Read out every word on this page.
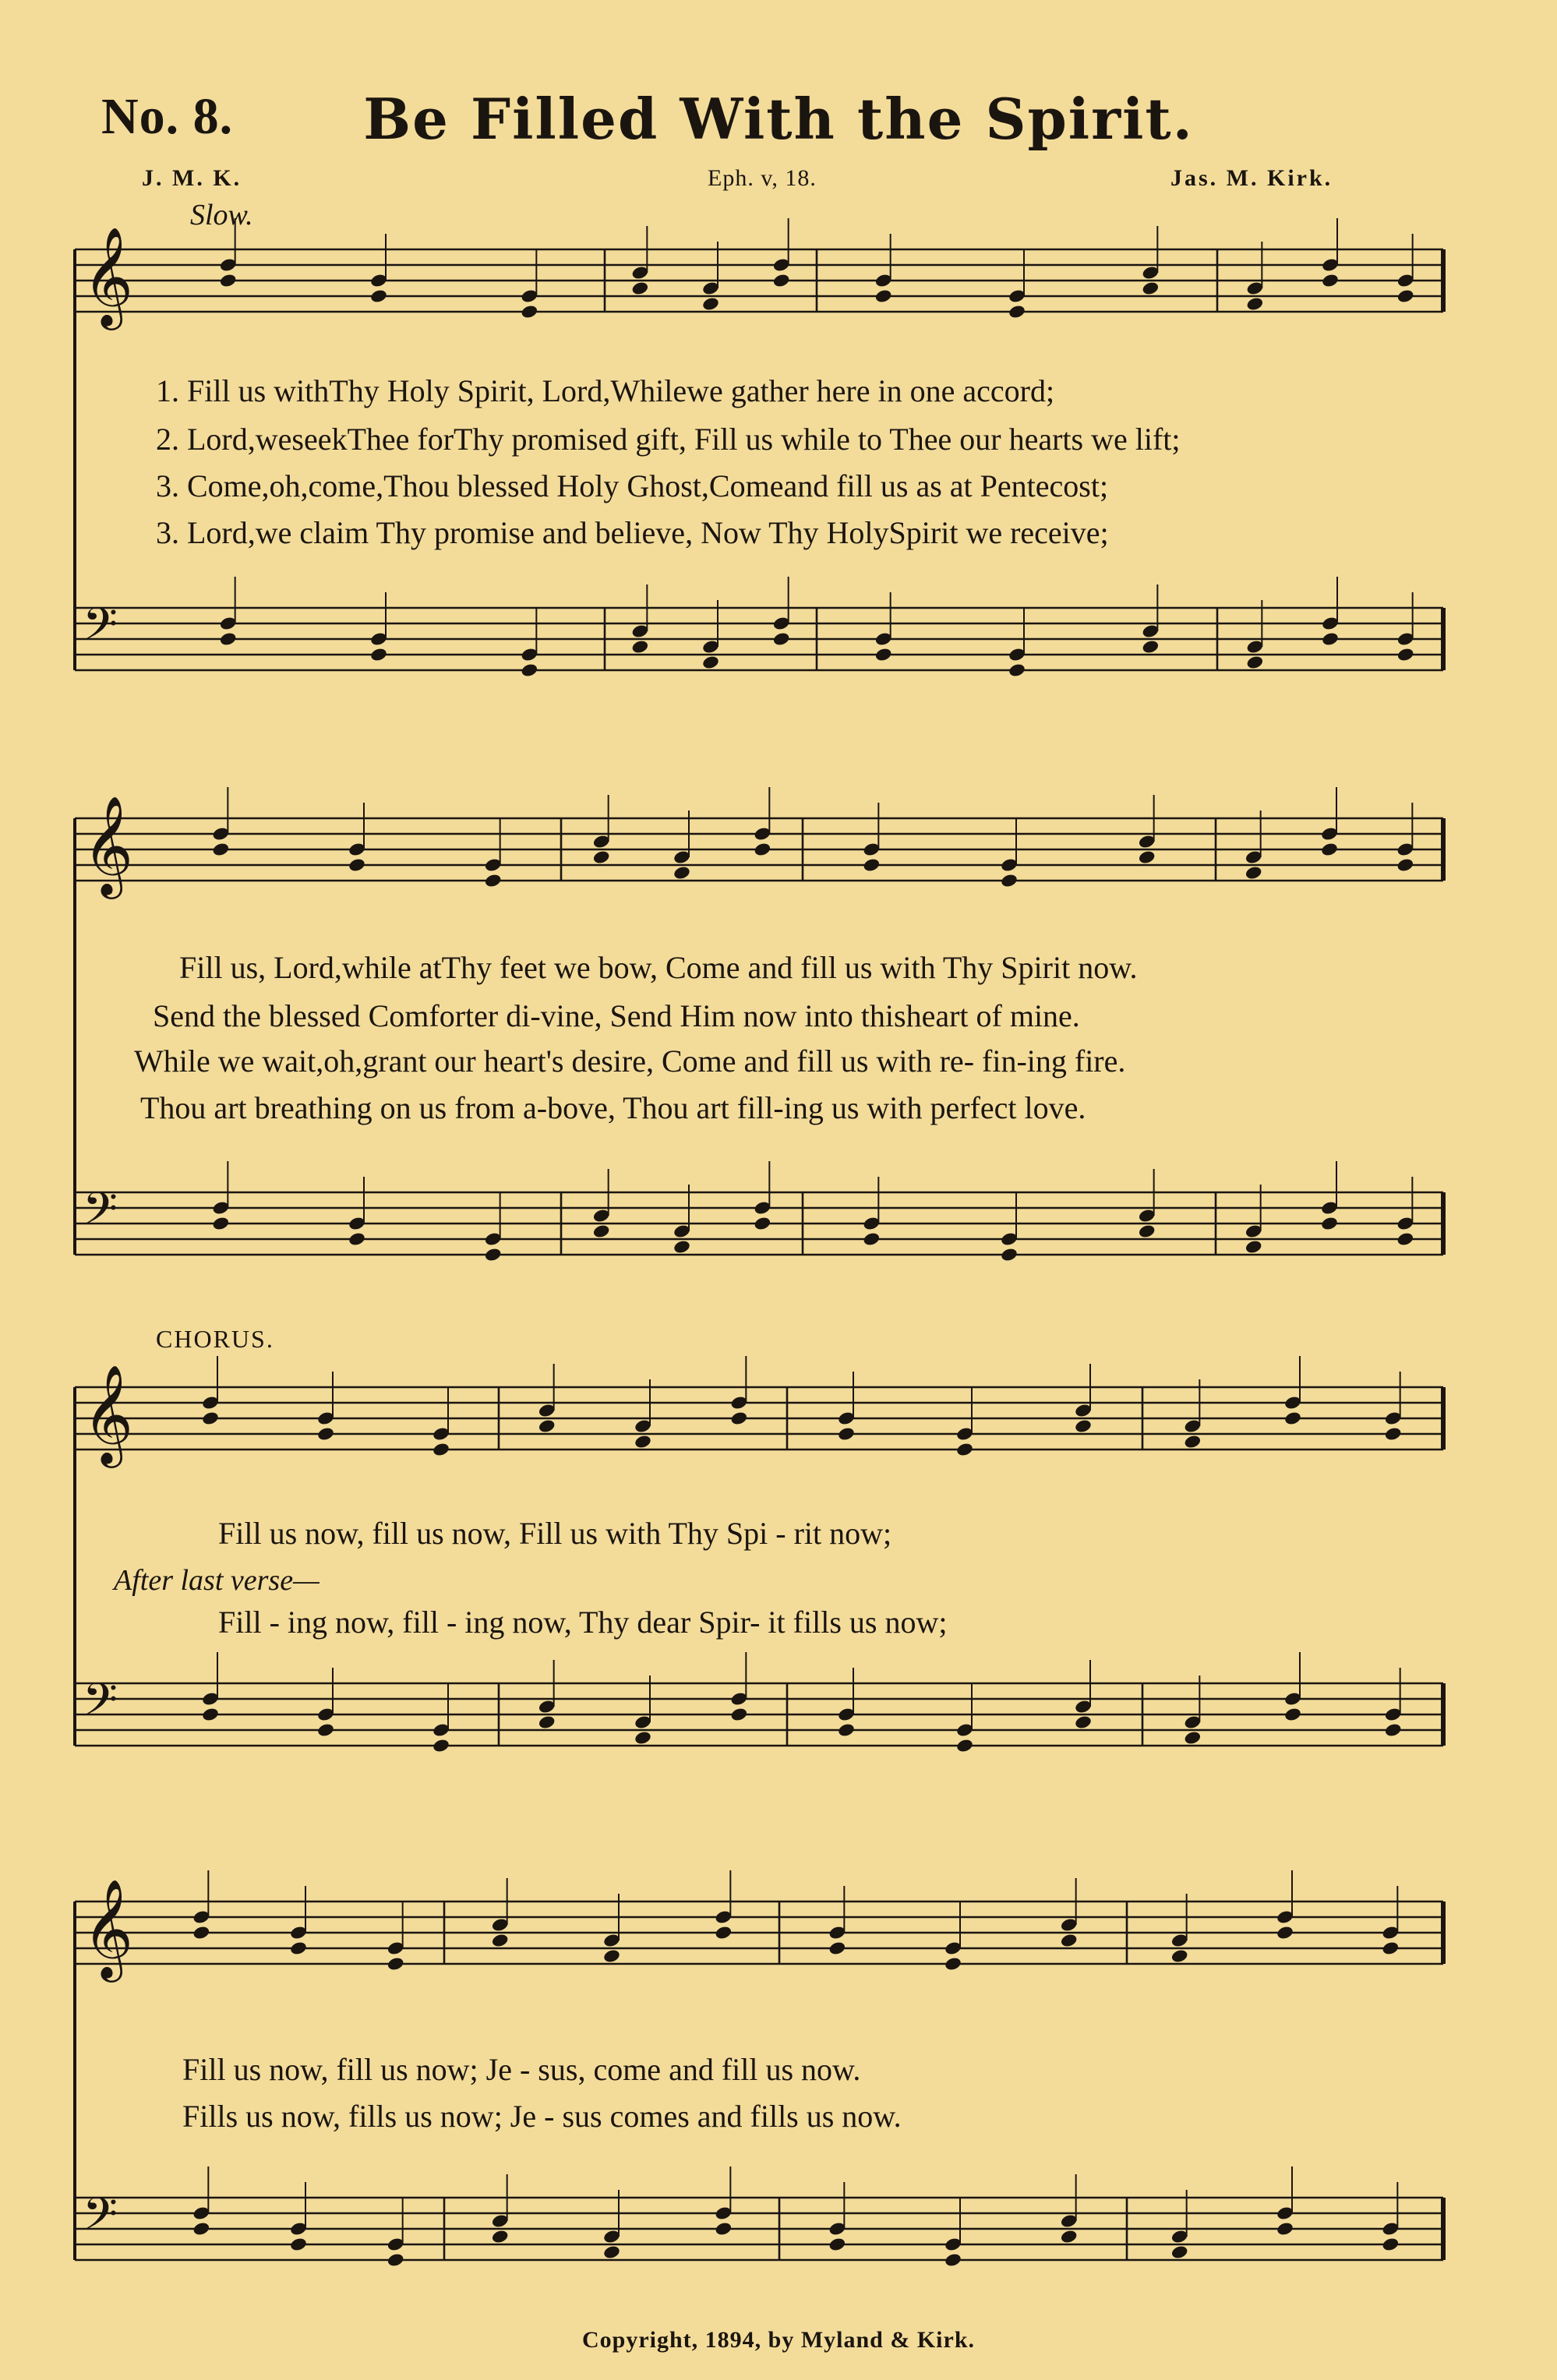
No. 8.	Be Filled With the Spirit.
J. M. K.	Eph. v, 18.	Jas. M. Kirk.
Slow.
𝄞
𝄢
𝄞
𝄢
𝄞
𝄢
𝄞
𝄢
1. Fill us withThy Holy Spirit, Lord,Whilewe gather here in one accord;
2. Lord,weseekThee forThy promised gift, Fill us while to Thee our hearts we lift;
3. Come,oh,come,Thou blessed Holy Ghost,Comeand fill us as at Pentecost;
3. Lord,we claim Thy promise and believe, Now Thy HolySpirit we receive;
Fill us, Lord,while atThy feet we bow, Come and fill us with Thy Spirit now.
Send the blessed Comforter di-vine, Send Him now into thisheart of mine.
While we wait,oh,grant our heart's desire, Come and fill us with re- fin-ing fire.
Thou art breathing on us from a-bove, Thou art fill-ing us with perfect love.
CHORUS.
Fill us now, fill us now, Fill us with Thy Spi - rit now;
After last verse—
Fill - ing now, fill - ing now, Thy dear Spir- it fills us now;
Fill us now, fill us now; Je - sus, come and fill us now.
Fills us now, fills us now; Je - sus comes and fills us now.
Copyright, 1894, by Myland & Kirk.
